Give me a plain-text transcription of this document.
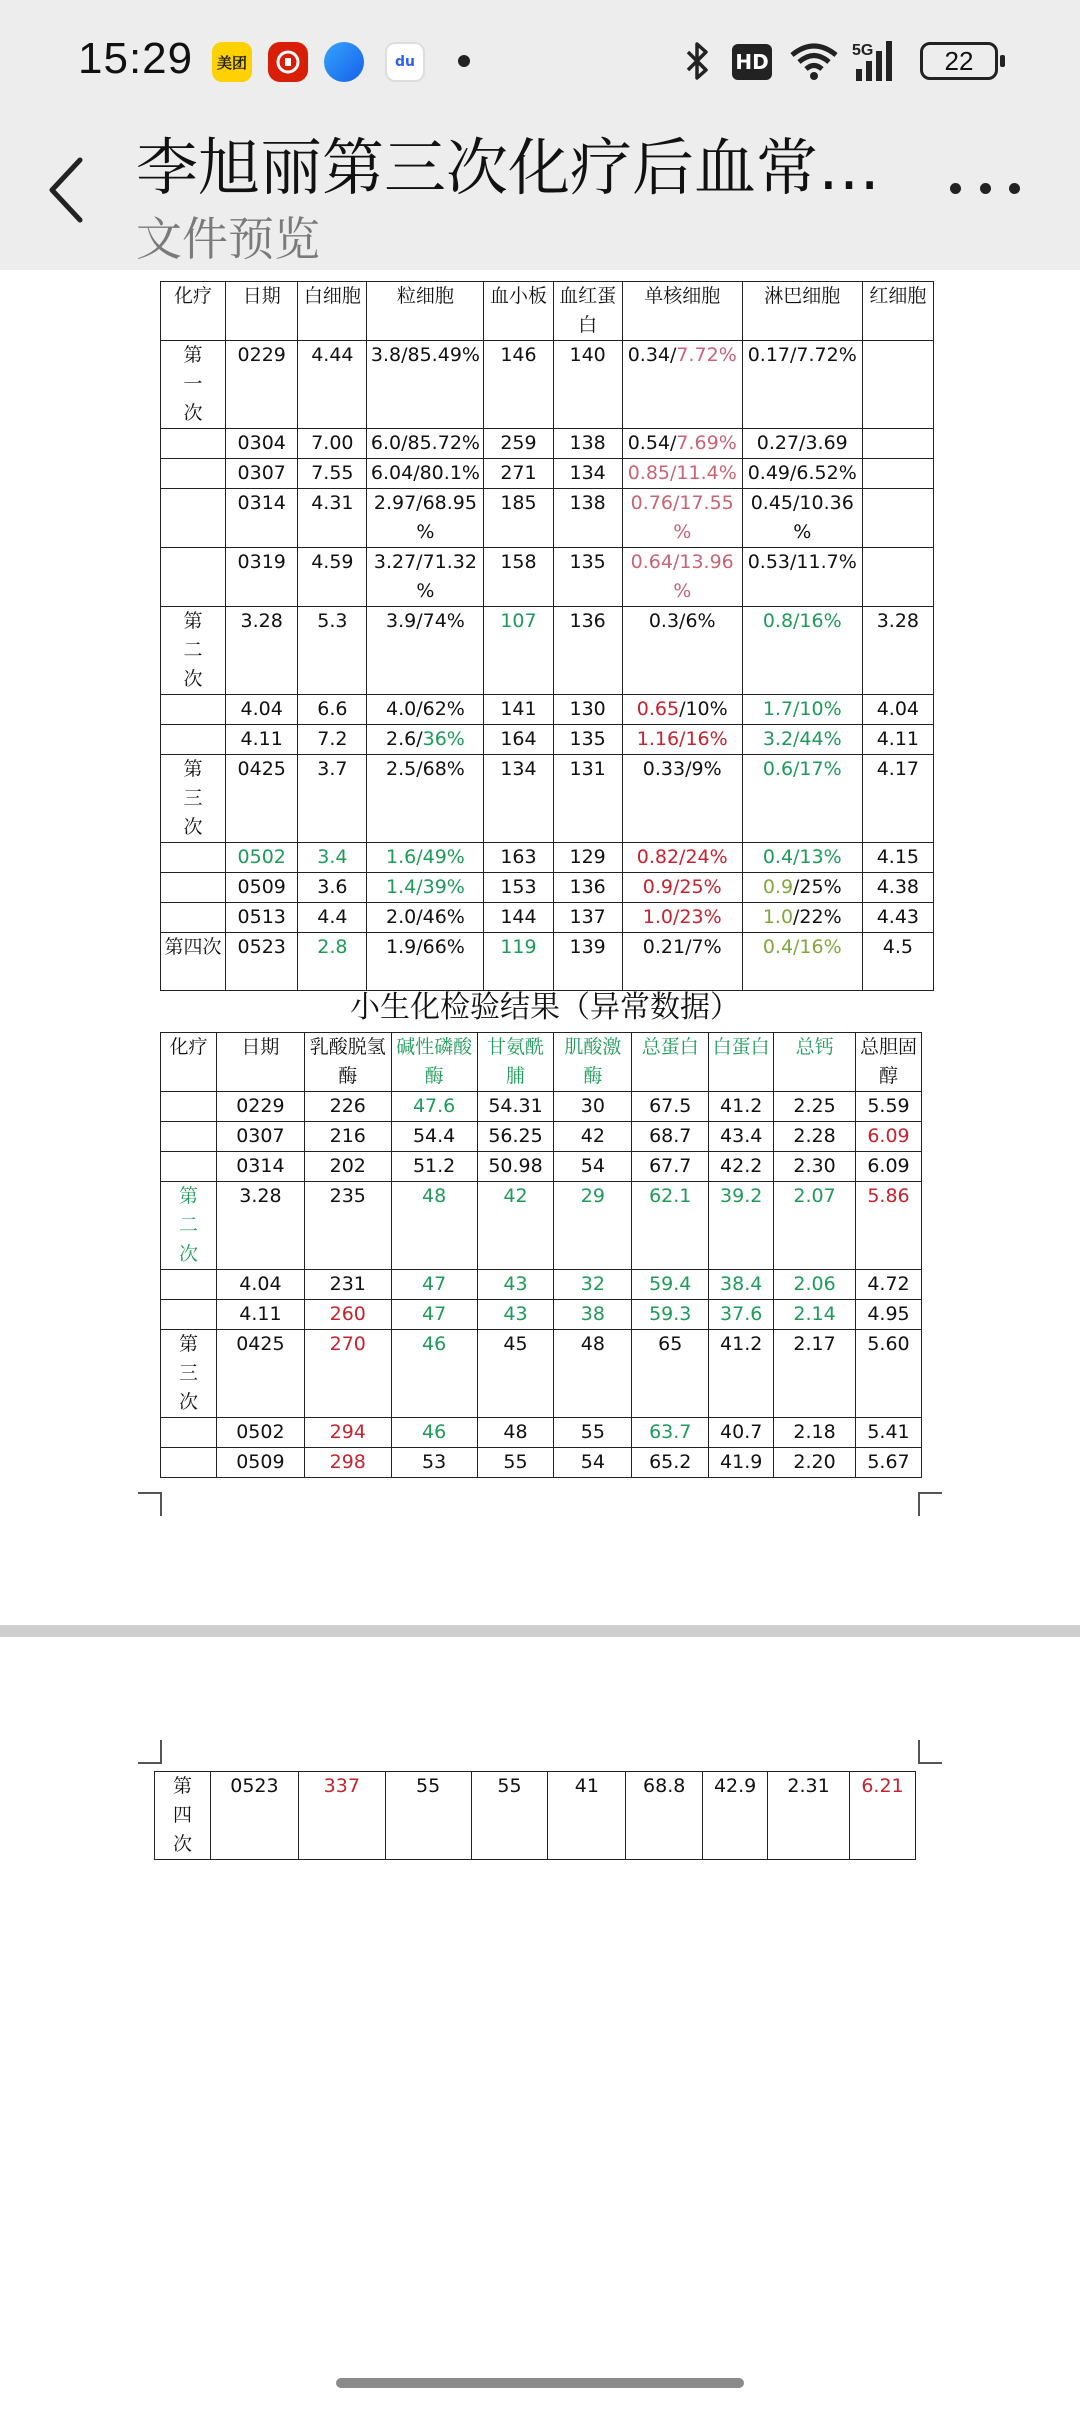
15:29	美团	du	HD	5G	22
李旭丽第三次化疗后血常…
文件预览
化疗	日期	白细胞	粒细胞	血小板	血红蛋白	单核细胞	淋巴细胞	红细胞
第一次	0229	4.44	3.8/85.49%	146	140	0.34/7.72%	0.17/7.72%	
	0304	7.00	6.0/85.72%	259	138	0.54/7.69%	0.27/3.69	
	0307	7.55	6.04/80.1%	271	134	0.85/11.4%	0.49/6.52%	
	0314	4.31	2.97/68.95 %	185	138	0.76/17.55 %	0.45/10.36 %	
	0319	4.59	3.27/71.32 %	158	135	0.64/13.96 %	0.53/11.7%	
第二次	3.28	5.3	3.9/74%	107	136	0.3/6%	0.8/16%	3.28
	4.04	6.6	4.0/62%	141	130	0.65/10%	1.7/10%	4.04
	4.11	7.2	2.6/36%	164	135	1.16/16%	3.2/44%	4.11
第三次	0425	3.7	2.5/68%	134	131	0.33/9%	0.6/17%	4.17
	0502	3.4	1.6/49%	163	129	0.82/24%	0.4/13%	4.15
	0509	3.6	1.4/39%	153	136	0.9/25%	0.9/25%	4.38
	0513	4.4	2.0/46%	144	137	1.0/23%	1.0/22%	4.43
第四次	0523	2.8	1.9/66%	119	139	0.21/7%	0.4/16%	4.5
小生化检验结果（异常数据）
化疗	日期	乳酸脱氢酶	碱性磷酸酶	甘氨酰脯	肌酸激酶	总蛋白	白蛋白	总钙	总胆固醇
	0229	226	47.6	54.31	30	67.5	41.2	2.25	5.59
	0307	216	54.4	56.25	42	68.7	43.4	2.28	6.09
	0314	202	51.2	50.98	54	67.7	42.2	2.30	6.09
第二次	3.28	235	48	42	29	62.1	39.2	2.07	5.86
	4.04	231	47	43	32	59.4	38.4	2.06	4.72
	4.11	260	47	43	38	59.3	37.6	2.14	4.95
第三次	0425	270	46	45	48	65	41.2	2.17	5.60
	0502	294	46	48	55	63.7	40.7	2.18	5.41
	0509	298	53	55	54	65.2	41.9	2.20	5.67
第四次	0523	337	55	55	41	68.8	42.9	2.31	6.21
